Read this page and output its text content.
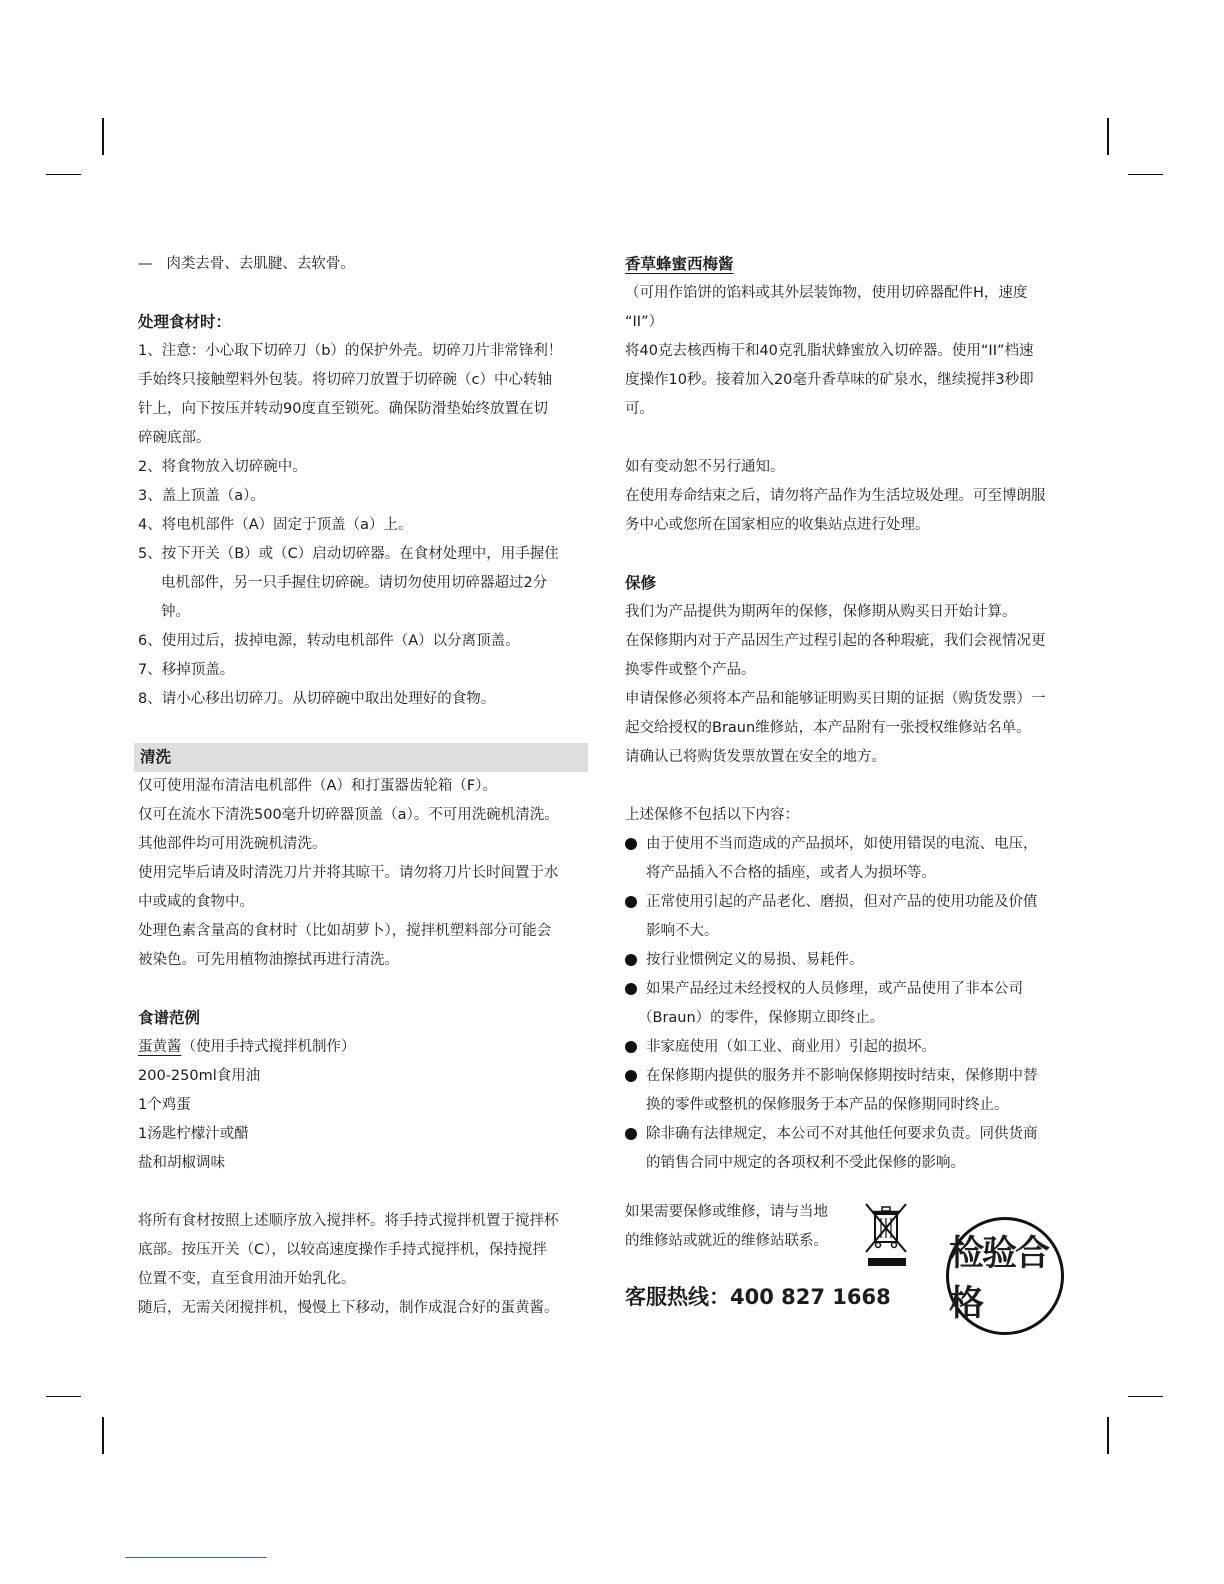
—   肉类去骨、去肌腱、去软骨。

处理食材时：

1、注意：小心取下切碎刀（b）的保护外壳。切碎刀片非常锋利！

手始终只接触塑料外包装。将切碎刀放置于切碎碗（c）中心转轴

针上，向下按压并转动90度直至锁死。确保防滑垫始终放置在切

碎碗底部。

2、将食物放入切碎碗中。

3、盖上顶盖（a）。

4、将电机部件（A）固定于顶盖（a）上。

5、按下开关（B）或（C）启动切碎器。在食材处理中，用手握住

电机部件，另一只手握住切碎碗。请切勿使用切碎器超过2分

钟。

6、使用过后，拔掉电源，转动电机部件（A）以分离顶盖。

7、移掉顶盖。

8、请小心移出切碎刀。从切碎碗中取出处理好的食物。

清洗

仅可使用湿布清洁电机部件（A）和打蛋器齿轮箱（F）。

仅可在流水下清洗500毫升切碎器顶盖（a）。不可用洗碗机清洗。

其他部件均可用洗碗机清洗。

使用完毕后请及时清洗刀片并将其晾干。请勿将刀片长时间置于水

中或咸的食物中。

处理色素含量高的食材时（比如胡萝卜），搅拌机塑料部分可能会

被染色。可先用植物油擦拭再进行清洗。

食谱范例

蛋黄酱（使用手持式搅拌机制作）

200-250ml食用油

1个鸡蛋

1汤匙柠檬汁或醋

盐和胡椒调味

将所有食材按照上述顺序放入搅拌杯。将手持式搅拌机置于搅拌杯

底部。按压开关（C），以较高速度操作手持式搅拌机，保持搅拌

位置不变，直至食用油开始乳化。

随后，无需关闭搅拌机，慢慢上下移动，制作成混合好的蛋黄酱。

香草蜂蜜西梅酱

（可用作馅饼的馅料或其外层装饰物，使用切碎器配件H，速度

“II”）

将40克去核西梅干和40克乳脂状蜂蜜放入切碎器。使用“II”档速

度操作10秒。接着加入20毫升香草味的矿泉水，继续搅拌3秒即

可。

如有变动恕不另行通知。

在使用寿命结束之后，请勿将产品作为生活垃圾处理。可至博朗服

务中心或您所在国家相应的收集站点进行处理。

保修

我们为产品提供为期两年的保修，保修期从购买日开始计算。

在保修期内对于产品因生产过程引起的各种瑕疵，我们会视情况更

换零件或整个产品。

申请保修必须将本产品和能够证明购买日期的证据（购货发票）一

起交给授权的Braun维修站，本产品附有一张授权维修站名单。

请确认已将购货发票放置在安全的地方。

上述保修不包括以下内容：

由于使用不当而造成的产品损坏，如使用错误的电流、电压，

将产品插入不合格的插座，或者人为损坏等。

正常使用引起的产品老化、磨损，但对产品的使用功能及价值

影响不大。

按行业惯例定义的易损、易耗件。

如果产品经过未经授权的人员修理，或产品使用了非本公司

（Braun）的零件，保修期立即终止。

非家庭使用（如工业、商业用）引起的损坏。

在保修期内提供的服务并不影响保修期按时结束，保修期中替

换的零件或整机的保修服务于本产品的保修期同时终止。

除非确有法律规定，本公司不对其他任何要求负责。同供货商

的销售合同中规定的各项权利不受此保修的影响。

如果需要保修或维修，请与当地

的维修站或就近的维修站联系。

客服热线：400 827 1668
检验合格
